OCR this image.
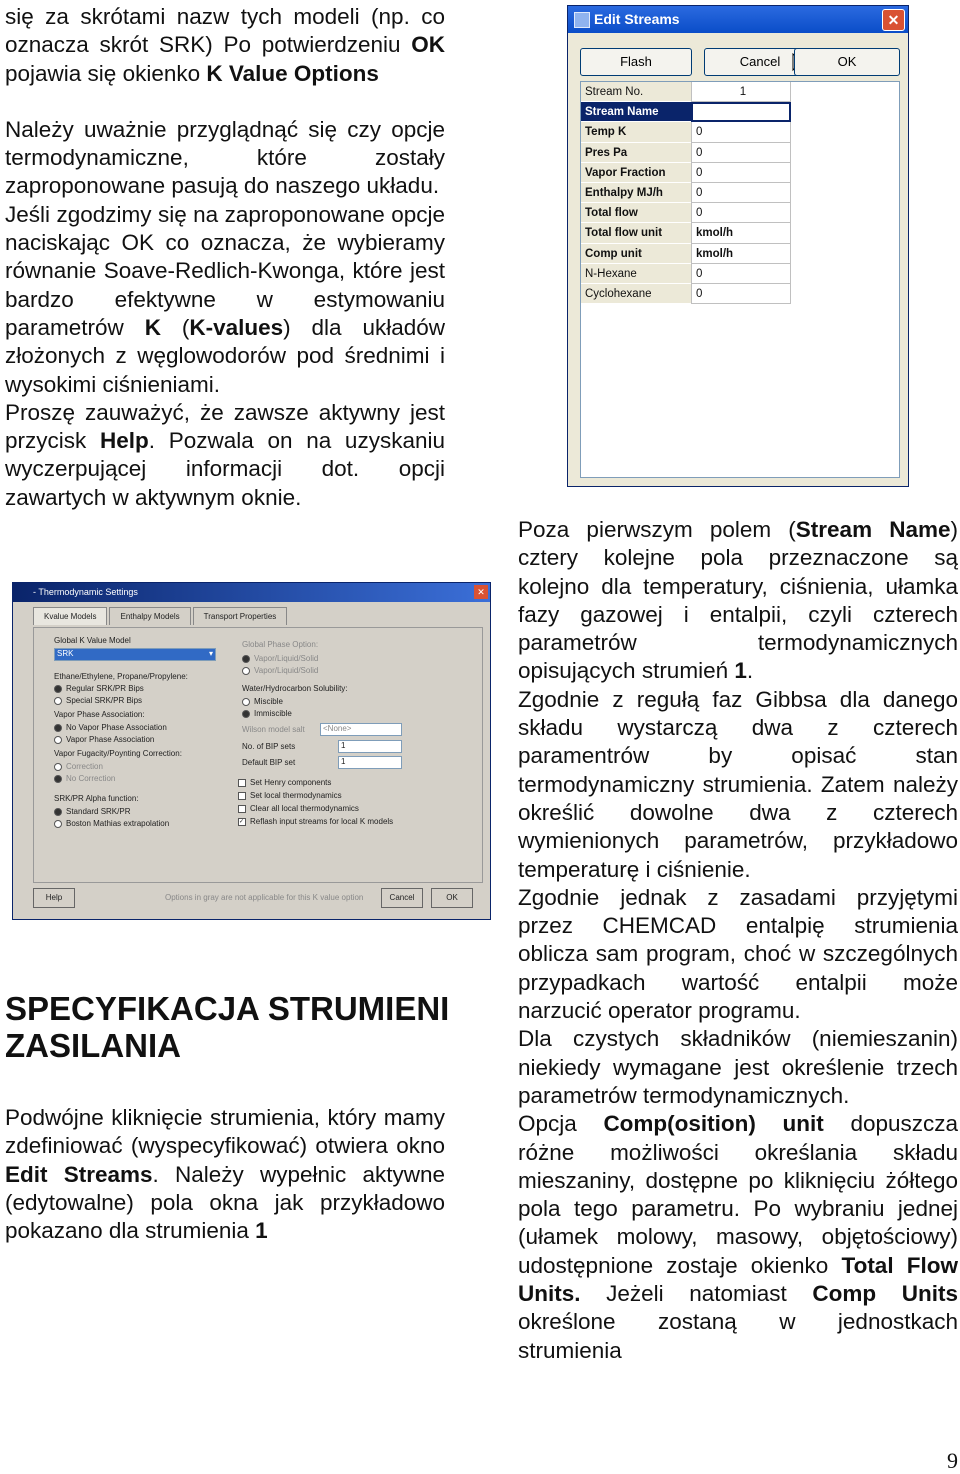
się za skrótami nazw tych modeli (np. co oznacza skrót SRK) Po potwierdzeniu OK pojawia się okienko K Value Options

Należy uważnie przyglądnąć się czy opcje termodynamiczne, które zostały zaproponowane pasują do naszego układu.

Jeśli zgodzimy się na zaproponowane opcje naciskając OK co oznacza, że wybieramy równanie Soave-Redlich-Kwonga, które jest bardzo efektywne w estymowaniu parametrów K (K-values) dla układów złożonych z węglowodorów pod średnimi i wysokimi ciśnieniami.

Proszę zauważyć, że zawsze aktywny jest przycisk Help. Pozwala on na uzyskaniu wyczerpującej informacji dot. opcji zawartych w aktywnym oknie.

- Thermodynamic Settings	✕
Kvalue Models	Enthalpy Models	Transport Properties
Global K Value Model
SRK	▾
Ethane/Ethylene, Propane/Propylene:
Regular SRK/PR Bips
Special SRK/PR Bips
Vapor Phase Association:
No Vapor Phase Association
Vapor Phase Association
Vapor Fugacity/Poynting Correction:
Correction
No Correction
SRK/PR Alpha function:
Standard SRK/PR
Boston Mathias extrapolation
Global Phase Option:
Vapor/Liquid/Solid
Vapor/Liquid/Solid
Water/Hydrocarbon Solubility:
Miscible
Immiscible
Wilson model salt	<None>
No. of BIP sets	1
Default BIP set	1
Set Henry components
Set local thermodynamics
Clear all local thermodynamics
✓ Reflash input streams for local K models
Help	Options in gray are not applicable for this K value option	Cancel	OK
SPECYFIKACJA STRUMIENI ZASILANIA

Podwójne kliknięcie strumienia, który mamy zdefiniować (wyspecyfikować) otwiera okno Edit Streams. Należy wypełnic aktywne (edytowalne) pola okna jak przykładowo pokazano dla strumienia 1

Edit Streams	✕
Flash	Cancel	OK
Stream No.	1
Stream Name
Temp K	0
Pres Pa	0
Vapor Fraction	0
Enthalpy MJ/h	0
Total flow	0
Total flow unit	kmol/h
Comp unit	kmol/h
N-Hexane	0
Cyclohexane	0

Poza pierwszym polem (Stream Name) cztery kolejne pola przeznaczone są kolejno dla temperatury, ciśnienia, ułamka fazy gazowej i entalpii, czyli czterech parametrów termodynamicznych opisujących strumień 1.

Zgodnie z regułą faz Gibbsa dla danego składu wystarczą dwa z czterech paramentrów by opisać stan termodynamiczny strumienia. Zatem należy określić dowolne dwa z czterech wymienionych parametrów, przykładowo temperaturę i ciśnienie.

Zgodnie jednak z zasadami przyjętymi przez CHEMCAD entalpię strumienia oblicza sam program, choć w szczególnych przypadkach wartość entalpii może narzucić operator programu.

Dla czystych składników (niemieszanin) niekiedy wymagane jest określenie trzech parametrów termodynamicznych.

Opcja Comp(osition) unit dopuszcza różne możliwości określania składu mieszaniny, dostępne po kliknięciu żółtego pola tego parametru. Po wybraniu jednej (ułamek molowy, masowy, objętościowy) udostępnione zostaje okienko Total Flow Units. Jeżeli natomiast Comp Units określone zostaną w jednostkach strumienia

9
